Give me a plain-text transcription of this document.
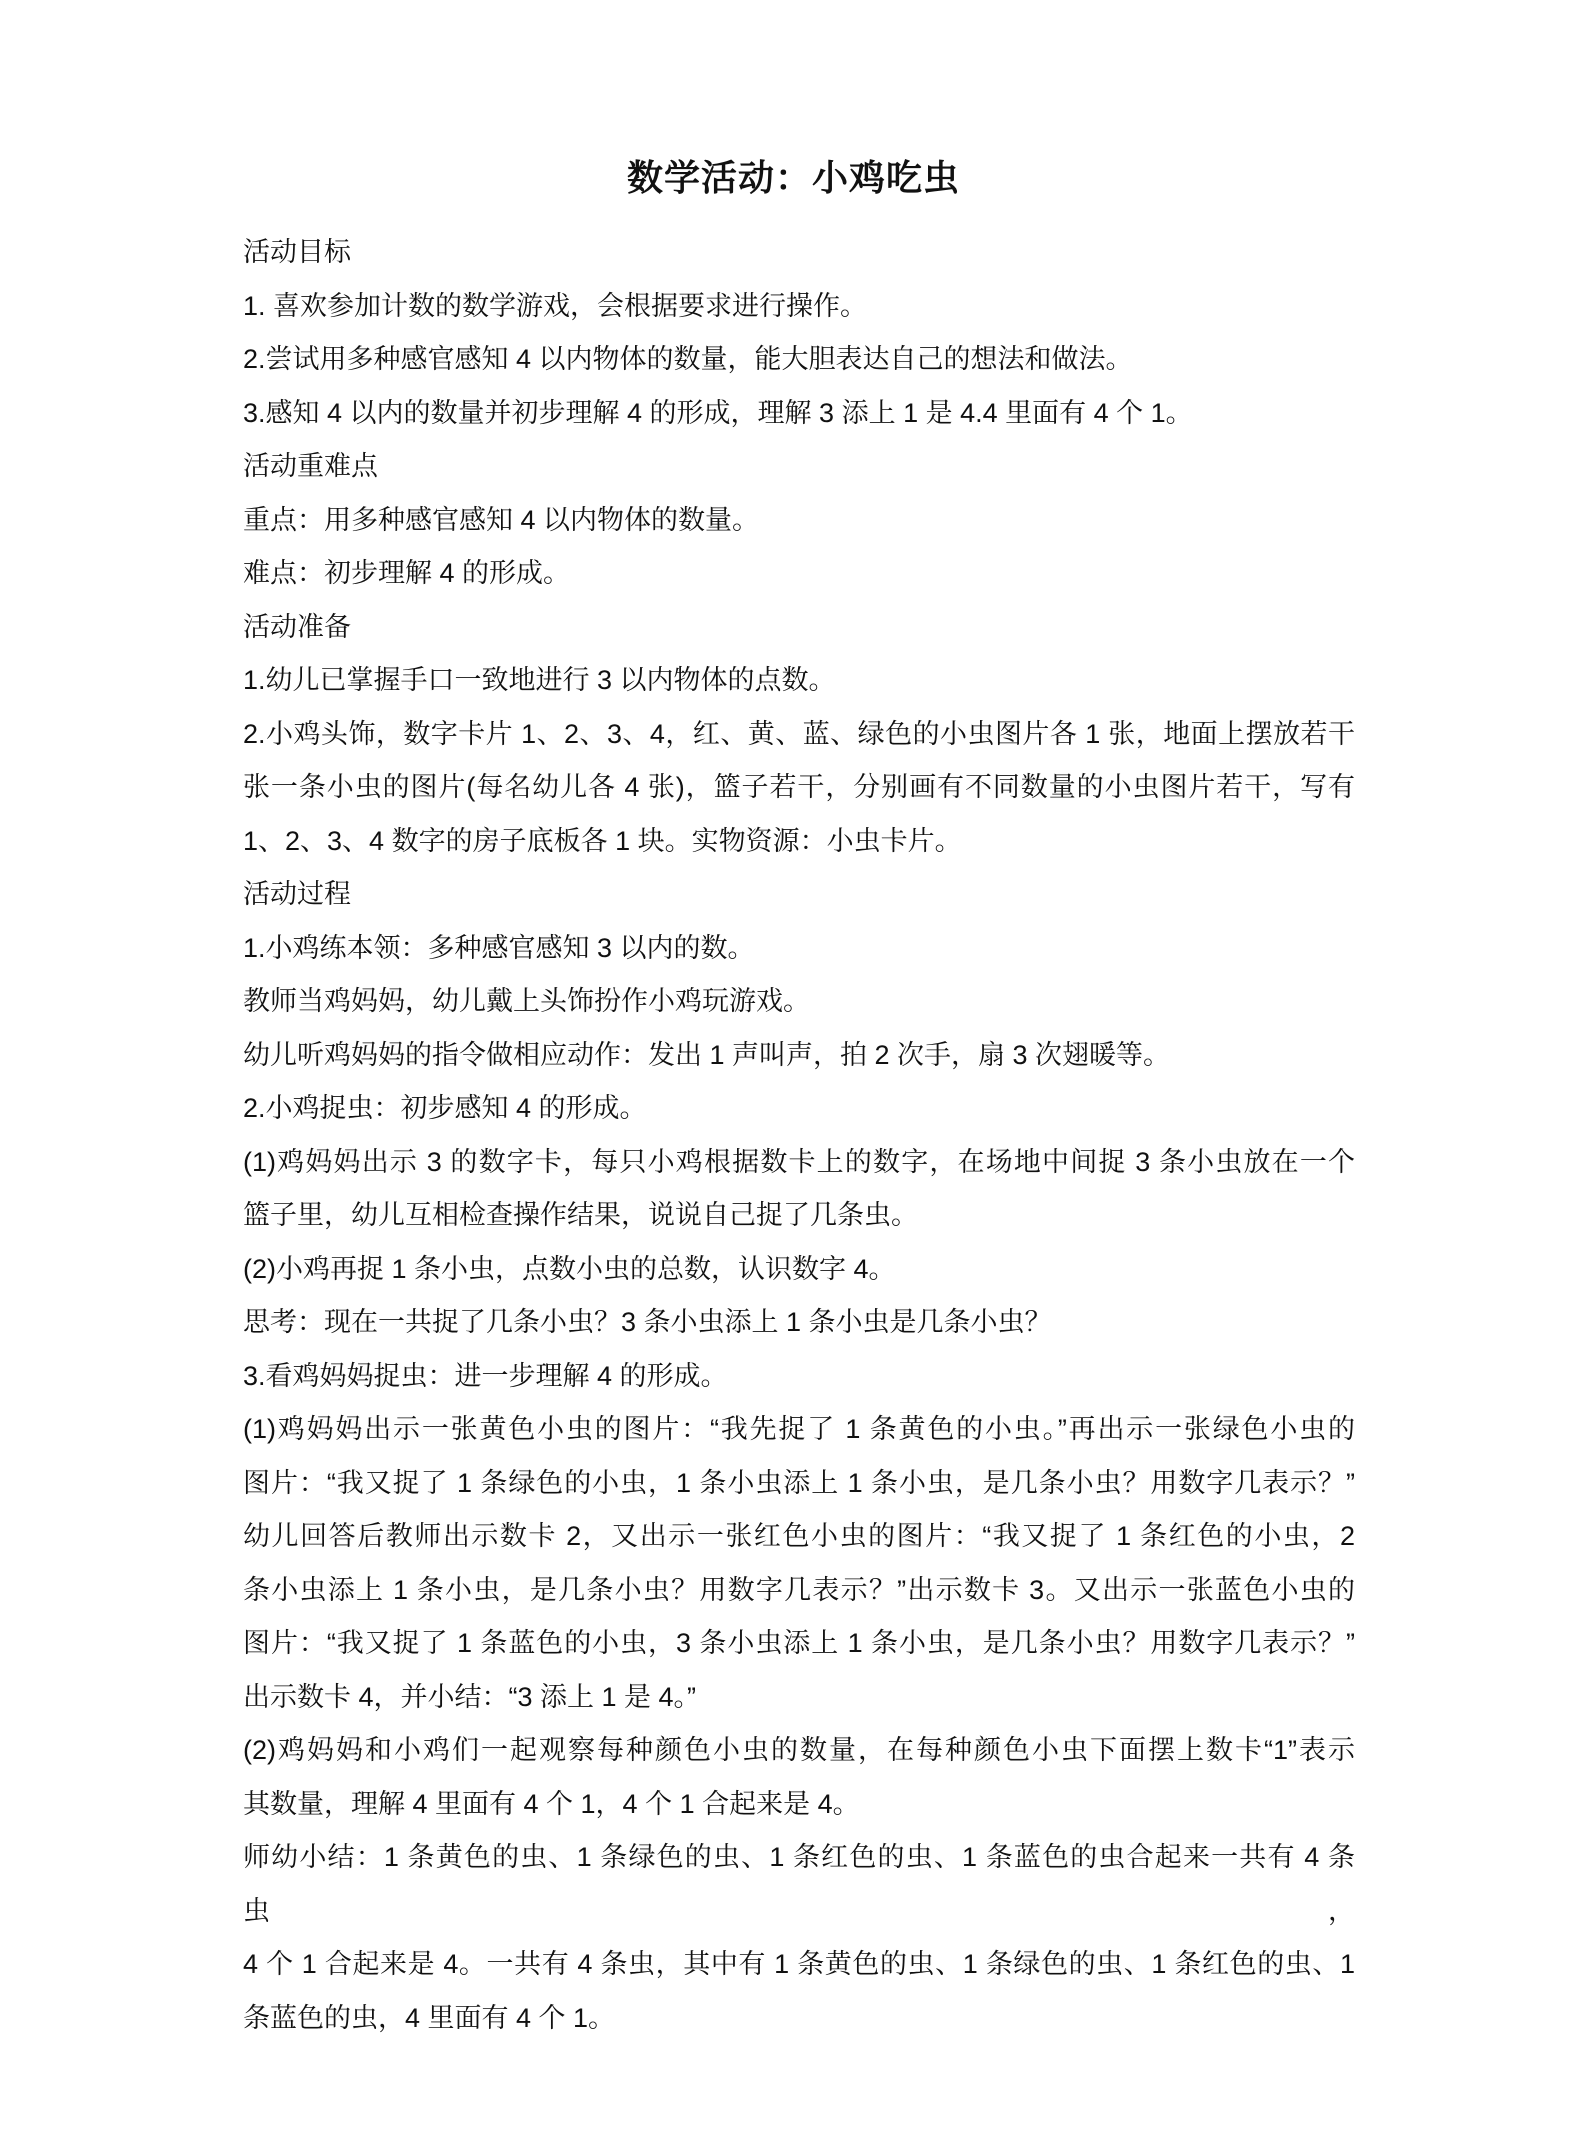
数学活动：小鸡吃虫
活动目标
1. 喜欢参加计数的数学游戏，会根据要求进行操作。
2.尝试用多种感官感知 4 以内物体的数量，能大胆表达自己的想法和做法。
3.感知 4 以内的数量并初步理解 4 的形成，理解 3 添上 1 是 4.4 里面有 4 个 1。
活动重难点
重点：用多种感官感知 4 以内物体的数量。
难点：初步理解 4 的形成。
活动准备
1.幼儿已掌握手口一致地进行 3 以内物体的点数。
2.小鸡头饰，数字卡片 1、2、3、4，红、黄、蓝、绿色的小虫图片各 1 张，地面上摆放若干
张一条小虫的图片(每名幼儿各 4 张)，篮子若干，分别画有不同数量的小虫图片若干，写有
1、2、3、4 数字的房子底板各 1 块。实物资源：小虫卡片。
活动过程
1.小鸡练本领：多种感官感知 3 以内的数。
教师当鸡妈妈，幼儿戴上头饰扮作小鸡玩游戏。
幼儿听鸡妈妈的指令做相应动作：发出 1 声叫声，拍 2 次手，扇 3 次翅暖等。
2.小鸡捉虫：初步感知 4 的形成。
(1)鸡妈妈出示 3 的数字卡，每只小鸡根据数卡上的数字，在场地中间捉 3 条小虫放在一个
篮子里，幼儿互相检查操作结果，说说自己捉了几条虫。
(2)小鸡再捉 1 条小虫，点数小虫的总数，认识数字 4。
思考：现在一共捉了几条小虫？3 条小虫添上 1 条小虫是几条小虫？
3.看鸡妈妈捉虫：进一步理解 4 的形成。
(1)鸡妈妈出示一张黄色小虫的图片：“我先捉了 1 条黄色的小虫。”再出示一张绿色小虫的
图片：“我又捉了 1 条绿色的小虫，1 条小虫添上 1 条小虫，是几条小虫？用数字几表示？”
幼儿回答后教师出示数卡 2，又出示一张红色小虫的图片：“我又捉了 1 条红色的小虫，2
条小虫添上 1 条小虫，是几条小虫？用数字几表示？”出示数卡 3。又出示一张蓝色小虫的
图片：“我又捉了 1 条蓝色的小虫，3 条小虫添上 1 条小虫，是几条小虫？用数字几表示？”
出示数卡 4，并小结：“3 添上 1 是 4。”
(2)鸡妈妈和小鸡们一起观察每种颜色小虫的数量，在每种颜色小虫下面摆上数卡“1”表示
其数量，理解 4 里面有 4 个 1，4 个 1 合起来是 4。
师幼小结：1 条黄色的虫、1 条绿色的虫、1 条红色的虫、1 条蓝色的虫合起来一共有 4 条虫，
4 个 1 合起来是 4。一共有 4 条虫，其中有 1 条黄色的虫、1 条绿色的虫、1 条红色的虫、1
条蓝色的虫，4 里面有 4 个 1。
